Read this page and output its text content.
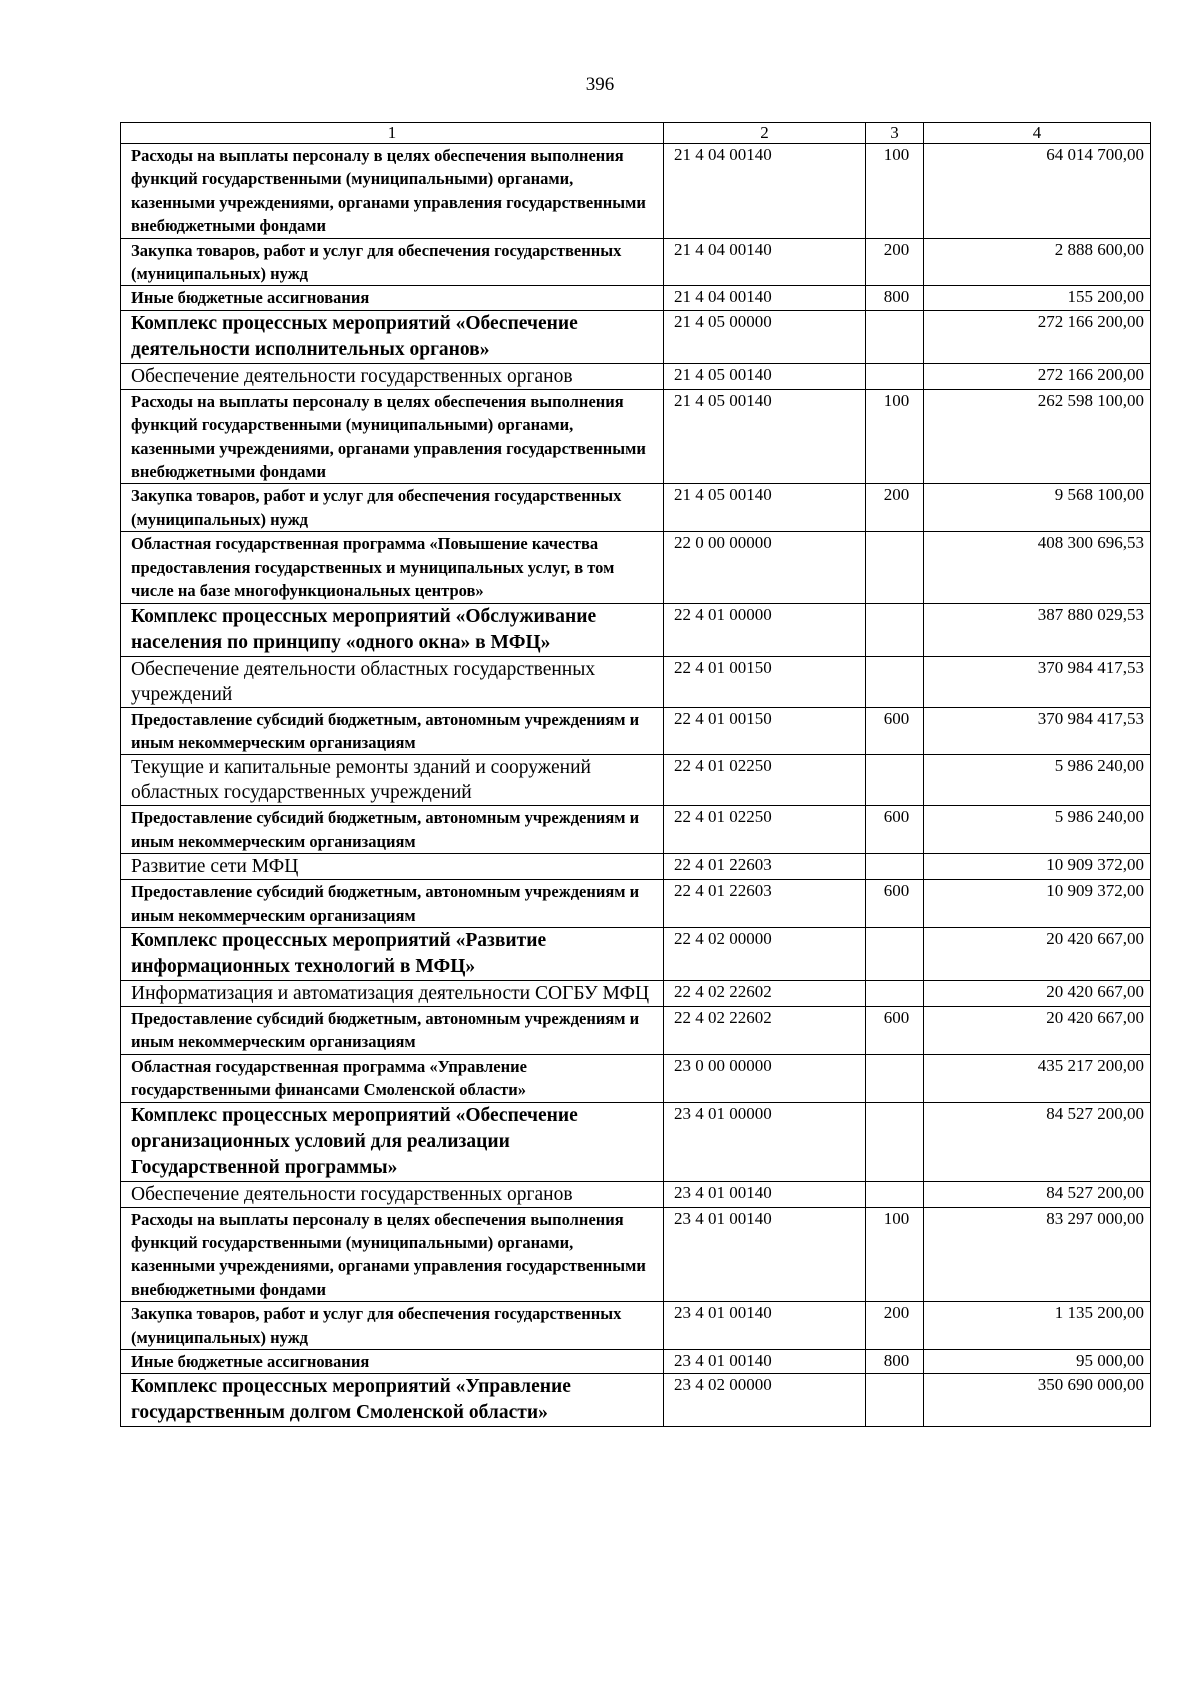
396
1	2	3	4
Расходы на выплаты персоналу в целях обеспечения выполнения функций государственными (муниципальными) органами, казенными учреждениями, органами управления государственными внебюджетными фондами	21 4 04 00140	100	64 014 700,00
Закупка товаров, работ и услуг для обеспечения государственных (муниципальных) нужд	21 4 04 00140	200	2 888 600,00
Иные бюджетные ассигнования	21 4 04 00140	800	155 200,00
Комплекс процессных мероприятий «Обеспечение деятельности исполнительных органов»	21 4 05 00000		272 166 200,00
Обеспечение деятельности государственных органов	21 4 05 00140		272 166 200,00
Расходы на выплаты персоналу в целях обеспечения выполнения функций государственными (муниципальными) органами, казенными учреждениями, органами управления государственными внебюджетными фондами	21 4 05 00140	100	262 598 100,00
Закупка товаров, работ и услуг для обеспечения государственных (муниципальных) нужд	21 4 05 00140	200	9 568 100,00
Областная государственная программа «Повышение качества предоставления государственных и муниципальных услуг, в том числе на базе многофункциональных центров»	22 0 00 00000		408 300 696,53
Комплекс процессных мероприятий «Обслуживание населения по принципу «одного окна» в МФЦ»	22 4 01 00000		387 880 029,53
Обеспечение деятельности областных государственных учреждений	22 4 01 00150		370 984 417,53
Предоставление субсидий бюджетным, автономным учреждениям и иным некоммерческим организациям	22 4 01 00150	600	370 984 417,53
Текущие и капитальные ремонты зданий и сооружений областных государственных учреждений	22 4 01 02250		5 986 240,00
Предоставление субсидий бюджетным, автономным учреждениям и иным некоммерческим организациям	22 4 01 02250	600	5 986 240,00
Развитие сети МФЦ	22 4 01 22603		10 909 372,00
Предоставление субсидий бюджетным, автономным учреждениям и иным некоммерческим организациям	22 4 01 22603	600	10 909 372,00
Комплекс процессных мероприятий «Развитие информационных технологий в МФЦ»	22 4 02 00000		20 420 667,00
Информатизация и автоматизация деятельности СОГБУ МФЦ	22 4 02 22602		20 420 667,00
Предоставление субсидий бюджетным, автономным учреждениям и иным некоммерческим организациям	22 4 02 22602	600	20 420 667,00
Областная государственная программа «Управление государственными финансами Смоленской области»	23 0 00 00000		435 217 200,00
Комплекс процессных мероприятий «Обеспечение организационных условий для реализации Государственной программы»	23 4 01 00000		84 527 200,00
Обеспечение деятельности государственных органов	23 4 01 00140		84 527 200,00
Расходы на выплаты персоналу в целях обеспечения выполнения функций государственными (муниципальными) органами, казенными учреждениями, органами управления государственными внебюджетными фондами	23 4 01 00140	100	83 297 000,00
Закупка товаров, работ и услуг для обеспечения государственных (муниципальных) нужд	23 4 01 00140	200	1 135 200,00
Иные бюджетные ассигнования	23 4 01 00140	800	95 000,00
Комплекс процессных мероприятий «Управление государственным долгом Смоленской области»	23 4 02 00000		350 690 000,00
